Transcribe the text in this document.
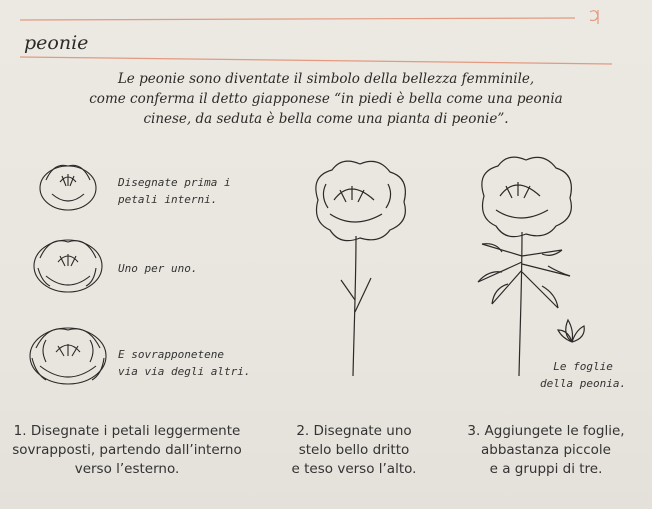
peonie
Le peonie sono diventate il simbolo della bellezza femminile,
come conferma il detto giapponese “in piedi è bella come una peonia
cinese, da seduta è bella come una pianta di peonie”.
Disegnate prima i
petali interni.
Uno per uno.
E sovrapponetene
via via degli altri.	Le foglie
della peonia.
1. Disegnate i petali leggermente
sovrapposti, partendo dall’interno
verso l’esterno.
2. Disegnate uno
stelo bello dritto
e teso verso l’alto.
3. Aggiungete le foglie,
abbastanza piccole
e a gruppi di tre.
